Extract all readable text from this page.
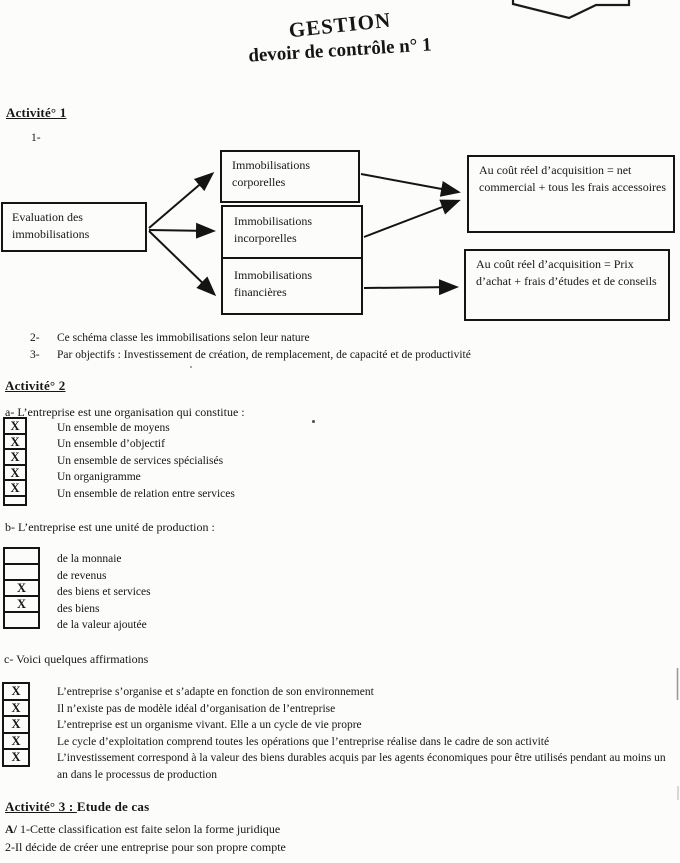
GESTION
devoir de contrôle n° 1
Activité° 1
1-
Evaluation des immobilisations
Immobilisations corporelles
Immobilisations incorporelles
Immobilisations financières
Au coût réel d’acquisition = net commercial + tous les frais accessoires
Au coût réel d’acquisition = Prix d’achat + frais d’études et de conseils
2- Ce schéma classe les immobilisations selon leur nature
3- Par objectifs : Investissement de création, de remplacement, de capacité et de productivité
Activité° 2
a- L’entreprise est une organisation qui constitue :
X
X
X
X
X
Un ensemble de moyens
Un ensemble d’objectif
Un ensemble de services spécialisés
Un organigramme
Un ensemble de relation entre services
b- L’entreprise est une unité de production :
X
X
de la monnaie
de revenus
des biens et services
des biens
de la valeur ajoutée
c- Voici quelques affirmations
X
X
X
X
X
L’entreprise s’organise et s’adapte en fonction de son environnement
Il n’existe pas de modèle idéal d’organisation de l’entreprise
L’entreprise est un organisme vivant. Elle a un cycle de vie propre
Le cycle d’exploitation comprend toutes les opérations que l’entreprise réalise dans le cadre de son activité
L’investissement correspond à la valeur des biens durables acquis par les agents économiques pour être utilisés pendant au moins un an dans le processus de production
Activité° 3 : Etude de cas
A/ 1-Cette classification est faite selon la forme juridique
2-Il décide de créer une entreprise pour son propre compte
